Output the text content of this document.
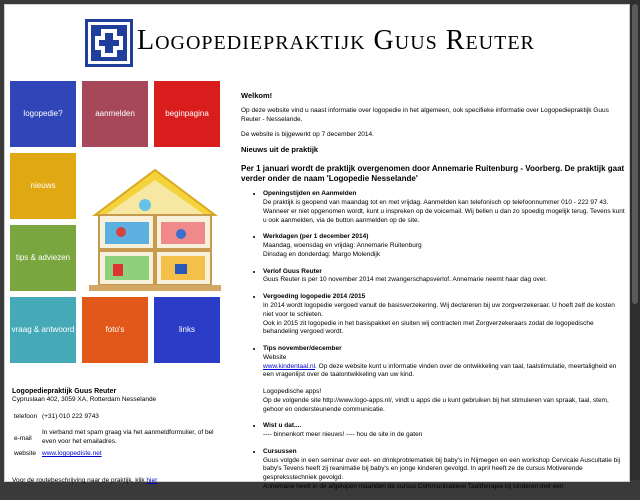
Logopediepraktijk Guus Reuter
logopedie?	aanmelden	beginpagina
nieuws
tips & adviezen
vraag & antwoord	foto's	links
Logopediepraktijk Guus Reuter
Cypruslaan 402, 3059 XA, Rotterdam Nesselande
telefoon (+31) 010 222 9743
e-mail
In verband met spam graag via het aanmeldformulier, of bel even voor het emailadres.
website www.logopediste.net
Voor de routebeschrijving naar de praktijk, klik hier

Welkom!

Op deze website vind u naast informatie over logopedie in het algemeen, ook specifieke informatie over Logopediepraktijk Guus Reuter - Nesselande.

De website is bijgewerkt op 7 december 2014.

Nieuws uit de praktijk
Per 1 januari wordt de praktijk overgenomen door Annemarie Ruitenburg - Voorberg. De praktijk gaat verder onder de naam 'Logopedie Nesselande'
• Openingstijden en Aanmelden
De praktijk is geopend van maandag tot en met vrijdag. Aanmelden kan telefonisch op telefoonnummer 010 - 222 97 43. Wanneer er niet opgenomen wordt, kunt u inspreken op de voicemail. Wij bellen u dan zo spoedig mogelijk terug. Tevens kunt u ook aanmelden, via de button aanmelden op de site.
• Werkdagen (per 1 december 2014)
Maandag, woensdag en vrijdag: Annemarie Ruitenburg
Dinsdag en donderdag: Margo Molendijk
• Verlof Guus Reuter
Guus Reuter is per 10 november 2014 met zwangerschapsverlof. Annemarie neemt haar dag over.
• Vergoeding logopedie 2014 /2015
In 2014 wordt logopedie vergoed vanuit de basisverzekering. Wij declareren bij uw zorgverzekeraar. U hoeft zelf de kosten niet voor te schieten.
Ook in 2015 zit logopedie in het basispakket en sluiten wij contracten met Zorgverzekeraars zodat de logopedische behandeling vergoed wordt.
• Tips november/december
Website
www.kindentaal.nl. Op deze website kunt u informatie vinden over de ontwikkeling van taal, taalstimulatie, meertaligheid en een vragenlijst over de taalontwikkeling van uw kind.
Logopedische apps!
Op de volgende site http://www.logo-apps.nl/, vindt u apps die u kunt gebruiken bij het stimuleren van spraak, taal, stem, gehoor en ondersteunende communicatie.
• Wist u dat....
---- binnenkort meer nieuws! ---- hou de site in de gaten
• Cursussen
Guus volgde in een seminar over eet- en drinkproblematiek bij baby's in Nijmegen en een workshop Cervicale Auscultatie bij baby's Tevens heeft zij reanimatie bij baby's en jonge kinderen gevolgd. In april heeft ze de cursus Motiverende gespreksstechniek gevolgd.
Annemarie heeft in de afgelopen maanden de cursus Communicatieve Taaltherapie bij kinderen met een
